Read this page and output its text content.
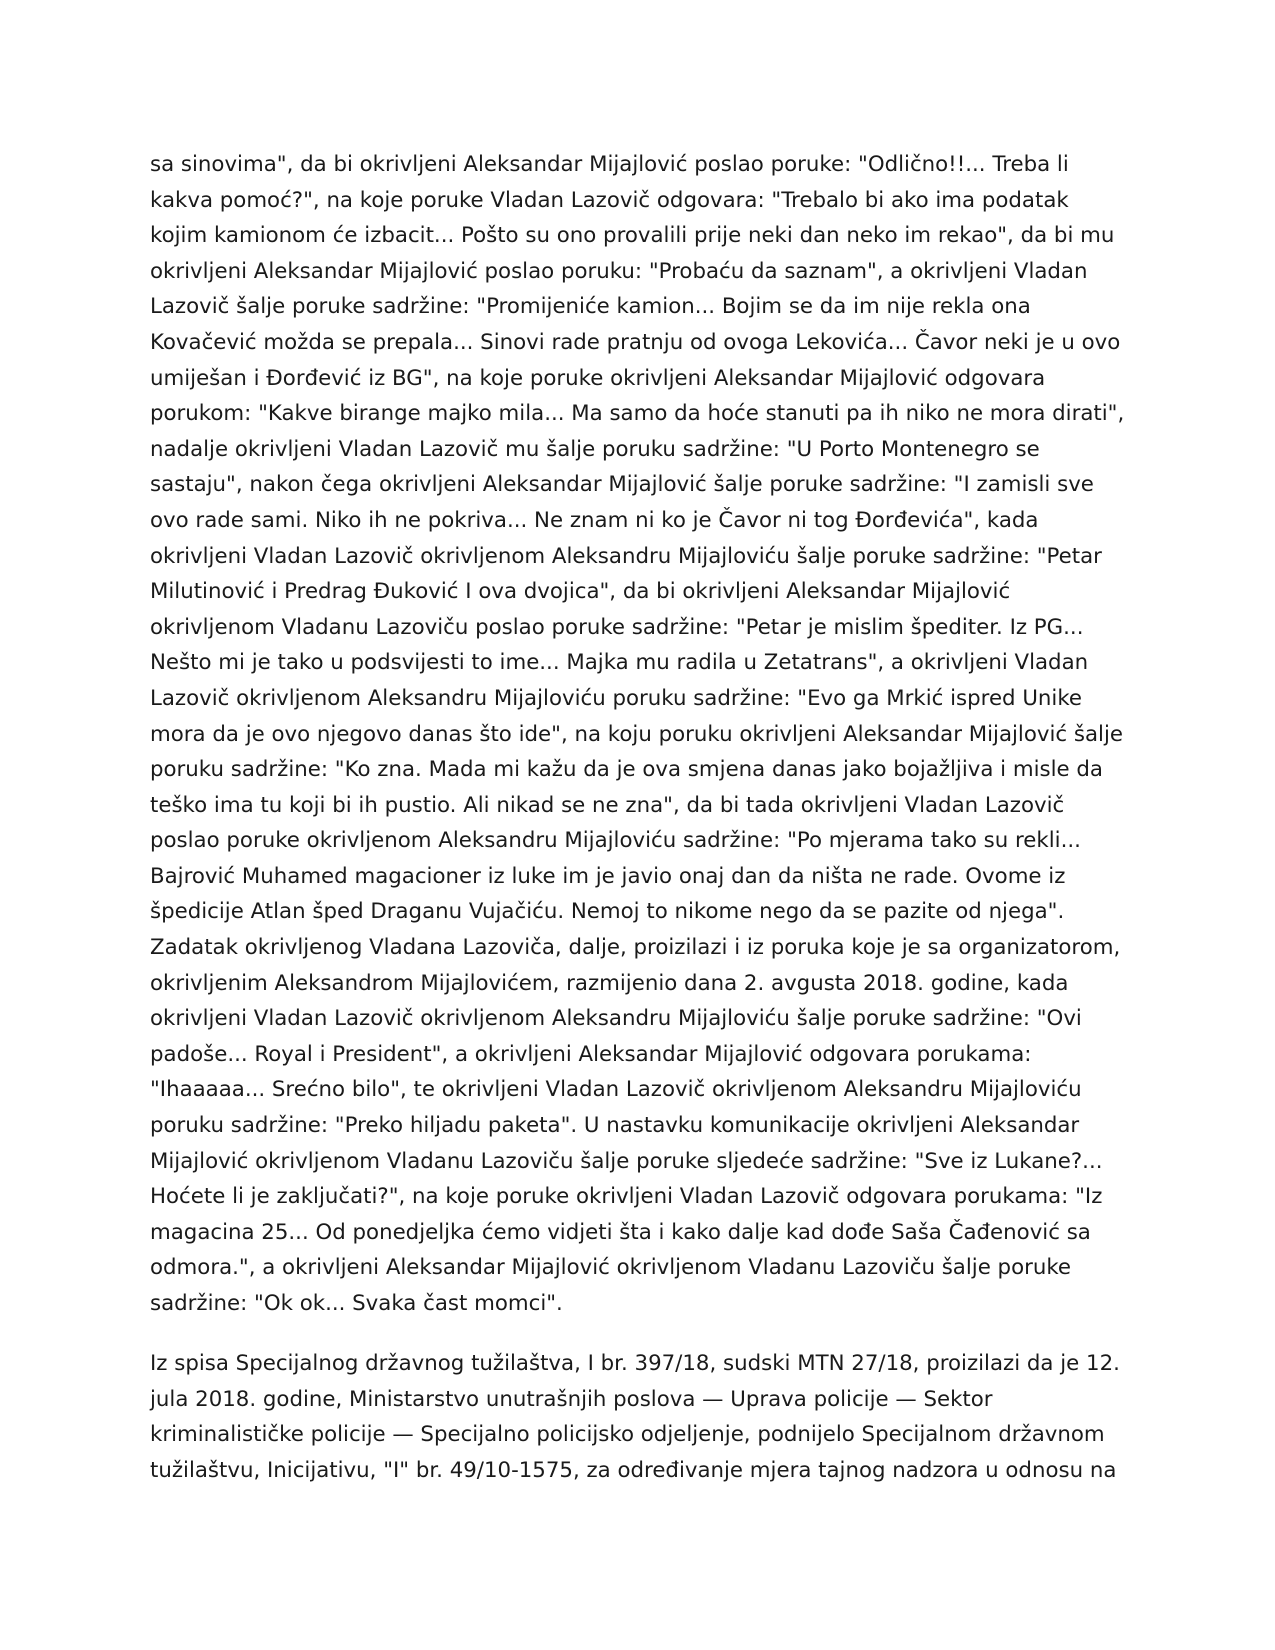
sa sinovima", da bi okrivljeni Aleksandar Mijajlović poslao poruke: "Odlično!!... Treba li
kakva pomoć?", na koje poruke Vladan Lazovič odgovara: "Trebalo bi ako ima podatak
kojim kamionom će izbacit... Pošto su ono provalili prije neki dan neko im rekao", da bi mu
okrivljeni Aleksandar Mijajlović poslao poruku: "Probaću da saznam", a okrivljeni Vladan
Lazovič šalje poruke sadržine: "Promijeniće kamion... Bojim se da im nije rekla ona
Kovačević možda se prepala... Sinovi rade pratnju od ovoga Lekovića... Čavor neki je u ovo
umiješan i Đorđević iz BG", na koje poruke okrivljeni Aleksandar Mijajlović odgovara
porukom: "Kakve birange majko mila... Ma samo da hoće stanuti pa ih niko ne mora dirati",
nadalje okrivljeni Vladan Lazovič mu šalje poruku sadržine: "U Porto Montenegro se
sastaju", nakon čega okrivljeni Aleksandar Mijajlović šalje poruke sadržine: "I zamisli sve
ovo rade sami. Niko ih ne pokriva... Ne znam ni ko je Čavor ni tog Đorđevića", kada
okrivljeni Vladan Lazovič okrivljenom Aleksandru Mijajloviću šalje poruke sadržine: "Petar
Milutinović i Predrag Đuković I ova dvojica", da bi okrivljeni Aleksandar Mijajlović
okrivljenom Vladanu Lazoviču poslao poruke sadržine: "Petar je mislim špediter. Iz PG...
Nešto mi je tako u podsvijesti to ime... Majka mu radila u Zetatrans", a okrivljeni Vladan
Lazovič okrivljenom Aleksandru Mijajloviću poruku sadržine: "Evo ga Mrkić ispred Unike
mora da je ovo njegovo danas što ide", na koju poruku okrivljeni Aleksandar Mijajlović šalje
poruku sadržine: "Ko zna. Mada mi kažu da je ova smjena danas jako bojažljiva i misle da
teško ima tu koji bi ih pustio. Ali nikad se ne zna", da bi tada okrivljeni Vladan Lazovič
poslao poruke okrivljenom Aleksandru Mijajloviću sadržine: "Po mjerama tako su rekli...
Bajrović Muhamed magacioner iz luke im je javio onaj dan da ništa ne rade. Ovome iz
špedicije Atlan šped Draganu Vujačiću. Nemoj to nikome nego da se pazite od njega".
Zadatak okrivljenog Vladana Lazoviča, dalje, proizilazi i iz poruka koje je sa organizatorom,
okrivljenim Aleksandrom Mijajlovićem, razmijenio dana 2. avgusta 2018. godine, kada
okrivljeni Vladan Lazovič okrivljenom Aleksandru Mijajloviću šalje poruke sadržine: "Ovi
padoše... Royal i President", a okrivljeni Aleksandar Mijajlović odgovara porukama:
"Ihaaaaa... Srećno bilo", te okrivljeni Vladan Lazovič okrivljenom Aleksandru Mijajloviću
poruku sadržine: "Preko hiljadu paketa". U nastavku komunikacije okrivljeni Aleksandar
Mijajlović okrivljenom Vladanu Lazoviču šalje poruke sljedeće sadržine: "Sve iz Lukane?...
Hoćete li je zaključati?", na koje poruke okrivljeni Vladan Lazovič odgovara porukama: "Iz
magacina 25... Od ponedjeljka ćemo vidjeti šta i kako dalje kad dođe Saša Čađenović sa
odmora.", a okrivljeni Aleksandar Mijajlović okrivljenom Vladanu Lazoviču šalje poruke
sadržine: "Ok ok... Svaka čast momci".
Iz spisa Specijalnog državnog tužilaštva, I br. 397/18, sudski MTN 27/18, proizilazi da je 12.
jula 2018. godine, Ministarstvo unutrašnjih poslova — Uprava policije — Sektor
kriminalističke policije — Specijalno policijsko odjeljenje, podnijelo Specijalnom državnom
tužilaštvu, Inicijativu, "I" br. 49/10-1575, za određivanje mjera tajnog nadzora u odnosu na
